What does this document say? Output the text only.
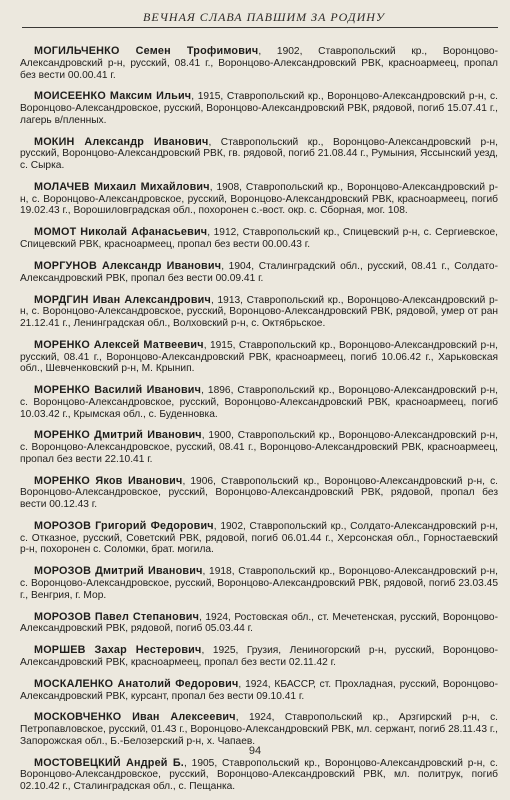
ВЕЧНАЯ СЛАВА ПАВШИМ ЗА РОДИНУ

МОГИЛЬЧЕНКО Семен Трофимович, 1902, Ставропольский кр., Воронцово-Александровский р-н, русский, 08.41 г., Воронцово-Александровский РВК, красноармеец, пропал без вести 00.00.41 г.

МОИСЕЕНКО Максим Ильич, 1915, Ставропольский кр., Воронцово-Александровский р-н, с. Воронцово-Александровское, русский, Воронцово-Александровский РВК, рядовой, погиб 15.07.41 г., лагерь в/пленных.

МОКИН Александр Иванович, Ставропольский кр., Воронцово-Александровский р-н, русский, Воронцово-Александровский РВК, гв. рядовой, погиб 21.08.44 г., Румыния, Яссынский уезд, с. Сырка.

МОЛАЧЕВ Михаил Михайлович, 1908, Ставропольский кр., Воронцово-Александровский р-н, с. Воронцово-Александровское, русский, Воронцово-Александровский РВК, красноармеец, погиб 19.02.43 г., Ворошиловградская обл., похоронен с.-вост. окр. с. Сборная, мог. 108.

МОМОТ Николай Афанасьевич, 1912, Ставропольский кр., Спицевский р-н, с. Сергиевское, Спицевский РВК, красноармеец, пропал без вести 00.00.43 г.

МОРГУНОВ Александр Иванович, 1904, Сталинградский обл., русский, 08.41 г., Солдато-Александровский РВК, пропал без вести 00.09.41 г.

МОРДГИН Иван Александрович, 1913, Ставропольский кр., Воронцово-Александровский р-н, с. Воронцово-Александровское, русский, Воронцово-Александровский РВК, рядовой, умер от ран 21.12.41 г., Ленинградская обл., Волховский р-н, с. Октябрьское.

МОРЕНКО Алексей Матвеевич, 1915, Ставропольский кр., Воронцово-Александровский р-н, русский, 08.41 г., Воронцово-Александровский РВК, красноармеец, погиб 10.06.42 г., Харьковская обл., Шевченковский р-н, М. Крынип.

МОРЕНКО Василий Иванович, 1896, Ставропольский кр., Воронцово-Александровский р-н, с. Воронцово-Александровское, русский, Воронцово-Александровский РВК, красноармеец, погиб 10.03.42 г., Крымская обл., с. Буденновка.

МОРЕНКО Дмитрий Иванович, 1900, Ставропольский кр., Воронцово-Александровский р-н, с. Воронцово-Александровское, русский, 08.41 г., Воронцово-Александровский РВК, красноармеец, пропал без вести 22.10.41 г.

МОРЕНКО Яков Иванович, 1906, Ставропольский кр., Воронцово-Александровский р-н, с. Воронцово-Александровское, русский, Воронцово-Александровский РВК, рядовой, пропал без вести 00.12.43 г.

МОРОЗОВ Григорий Федорович, 1902, Ставропольский кр., Солдато-Александровский р-н, с. Отказное, русский, Советский РВК, рядовой, погиб 06.01.44 г., Херсонская обл., Горностаевский р-н, похоронен с. Соломки, брат. могила.

МОРОЗОВ Дмитрий Иванович, 1918, Ставропольский кр., Воронцово-Александровский р-н, с. Воронцово-Александровское, русский, Воронцово-Александровский РВК, рядовой, погиб 23.03.45 г., Венгрия, г. Мор.

МОРОЗОВ Павел Степанович, 1924, Ростовская обл., ст. Мечетенская, русский, Воронцово-Александровский РВК, рядовой, погиб 05.03.44 г.

МОРШЕВ Захар Нестерович, 1925, Грузия, Лениногорский р-н, русский, Воронцово-Александровский РВК, красноармеец, пропал без вести 02.11.42 г.

МОСКАЛЕНКО Анатолий Федорович, 1924, КБАССР, ст. Прохладная, русский, Воронцово-Александровский РВК, курсант, пропал без вести 09.10.41 г.

МОСКОВЧЕНКО Иван Алексеевич, 1924, Ставропольский кр., Арзгирский р-н, с. Петропавловское, русский, 01.43 г., Воронцово-Александровский РВК, мл. сержант, погиб 28.11.43 г., Запорожская обл., Б.-Белозерский р-н, х. Чапаев.

МОСТОВЕЦКИЙ Андрей Б., 1905, Ставропольский кр., Воронцово-Александровский р-н, с. Воронцово-Александровское, русский, Воронцово-Александровский РВК, мл. политрук, погиб 02.10.42 г., Сталинградская обл., с. Пещанка.

94
